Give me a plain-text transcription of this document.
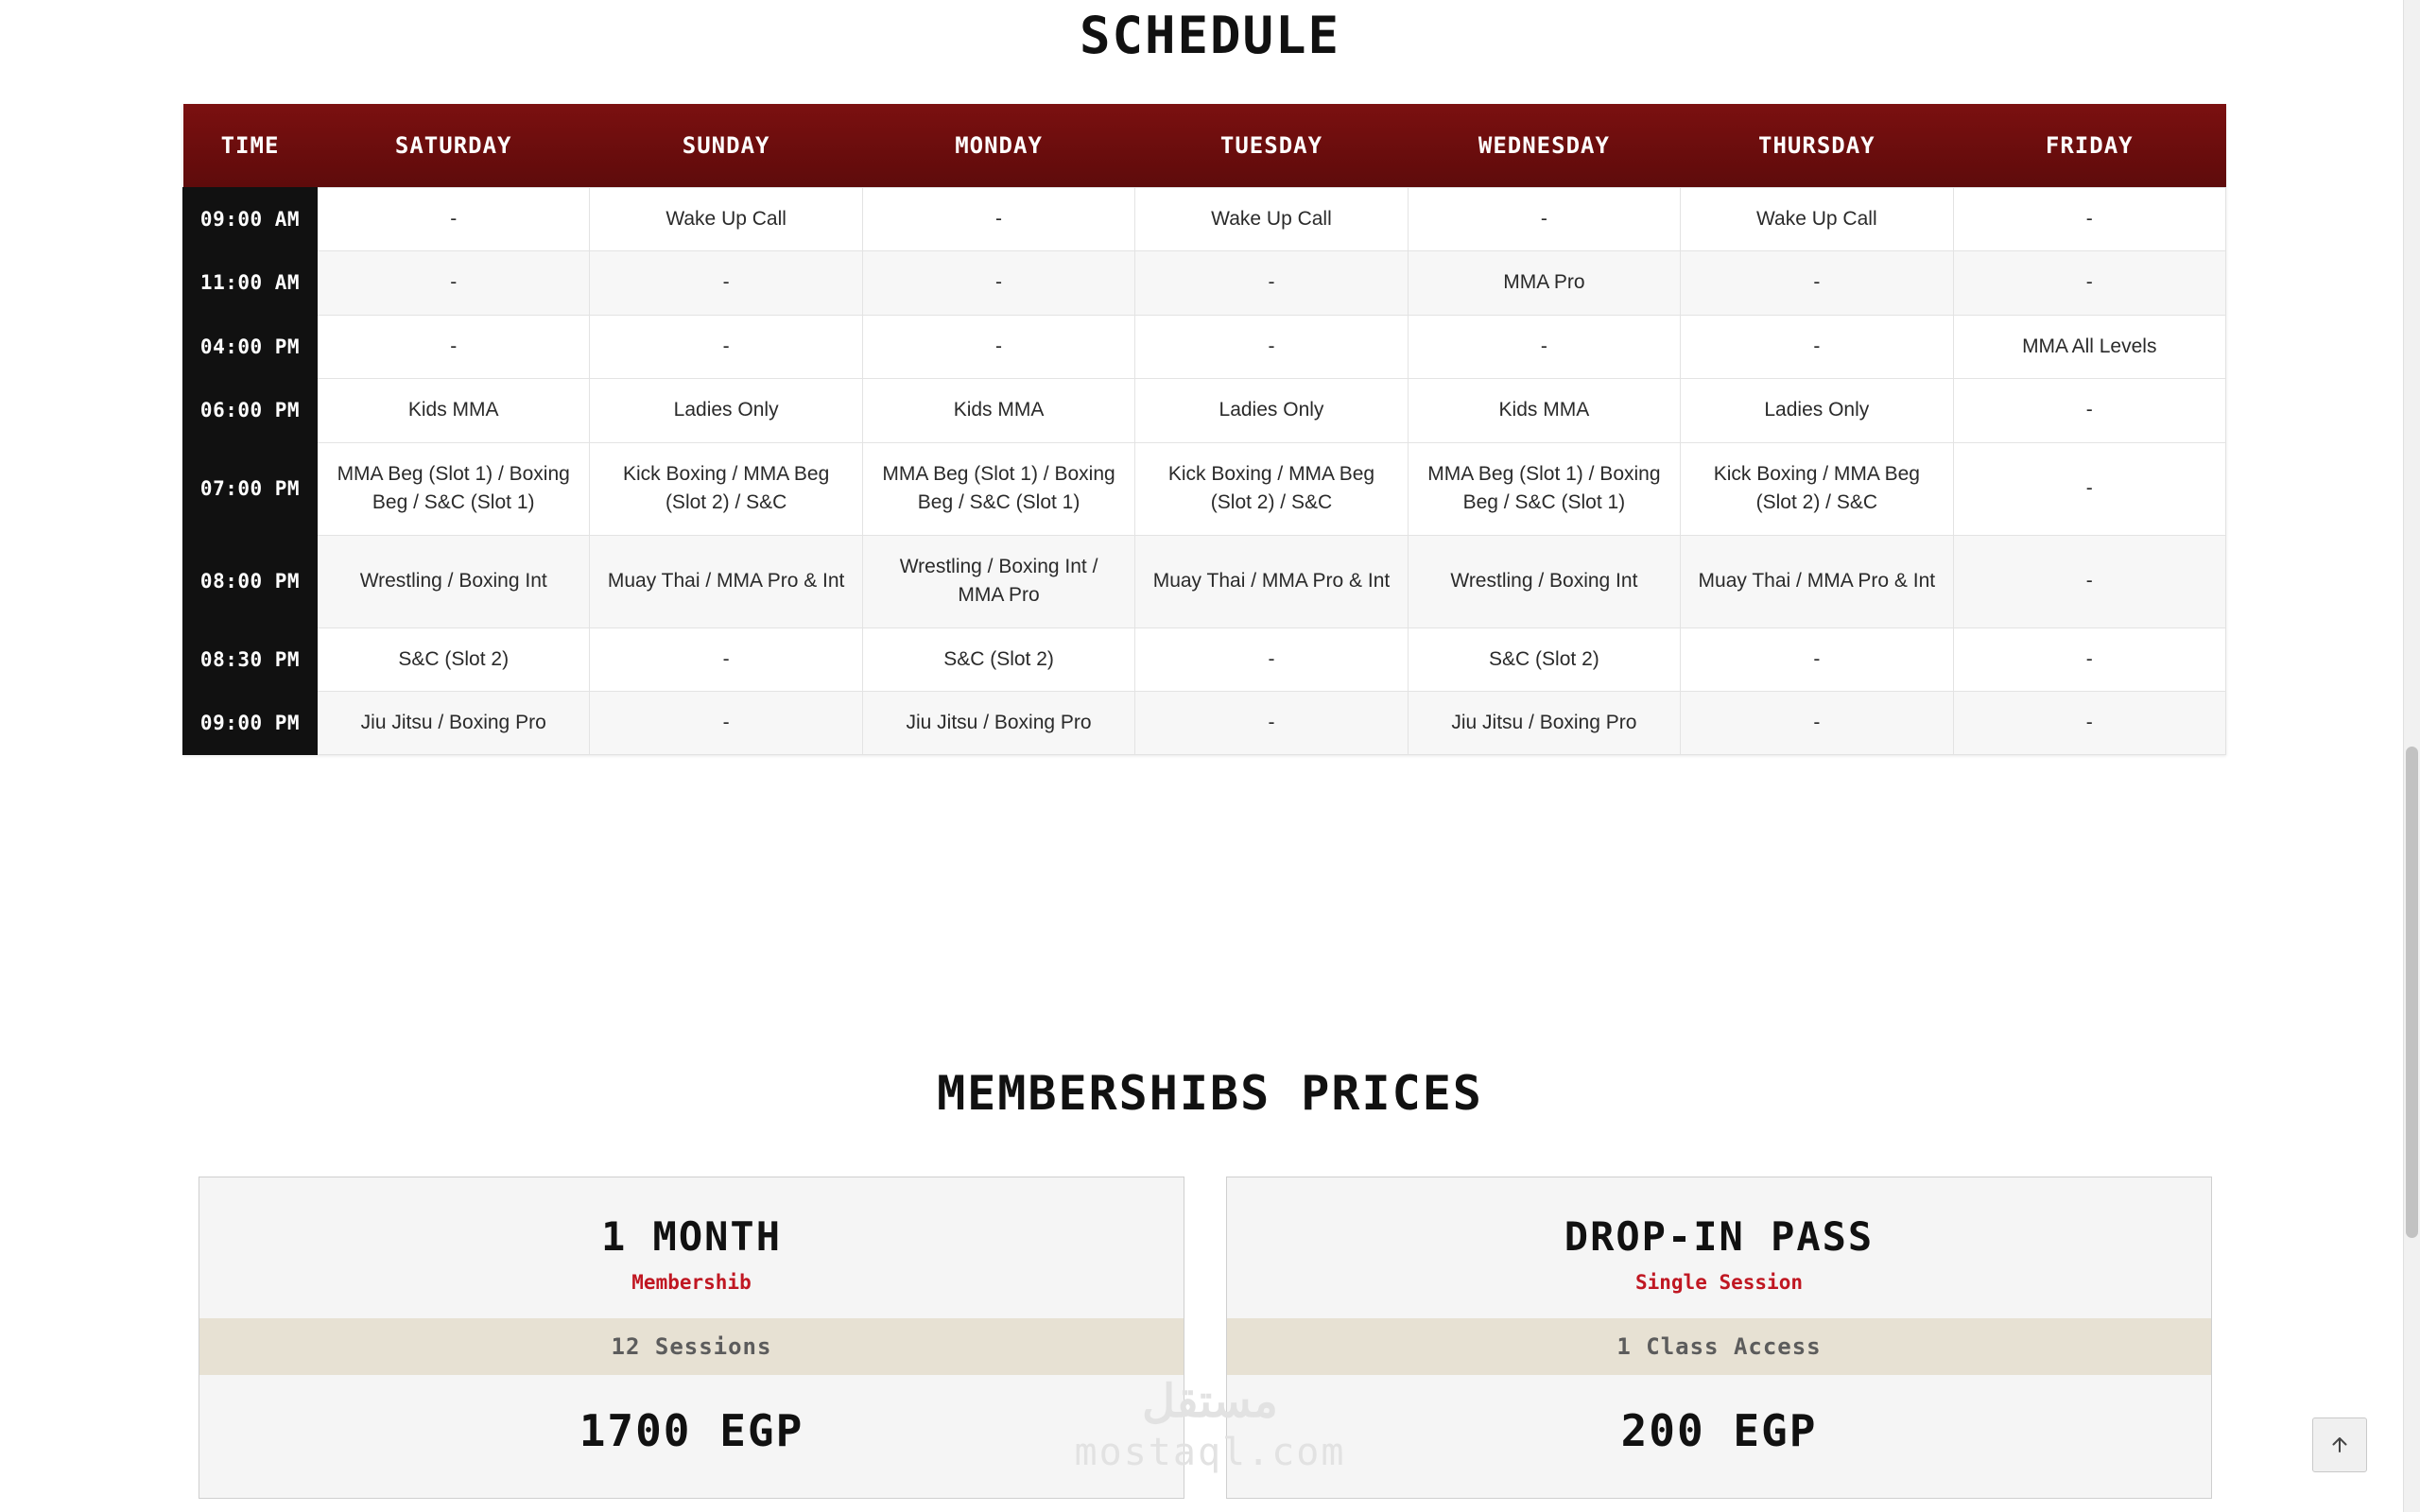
SCHEDULE
TIME	SATURDAY	SUNDAY	MONDAY	TUESDAY	WEDNESDAY	THURSDAY	FRIDAY
09:00 AM	-	Wake Up Call	-	Wake Up Call	-	Wake Up Call	-
11:00 AM	-	-	-	-	MMA Pro	-	-
04:00 PM	-	-	-	-	-	-	MMA All Levels
06:00 PM	Kids MMA	Ladies Only	Kids MMA	Ladies Only	Kids MMA	Ladies Only	-
07:00 PM	MMA Beg (Slot 1) / Boxing Beg / S&C (Slot 1)	Kick Boxing / MMA Beg (Slot 2) / S&C	MMA Beg (Slot 1) / Boxing Beg / S&C (Slot 1)	Kick Boxing / MMA Beg (Slot 2) / S&C	MMA Beg (Slot 1) / Boxing Beg / S&C (Slot 1)	Kick Boxing / MMA Beg (Slot 2) / S&C	-
08:00 PM	Wrestling / Boxing Int	Muay Thai / MMA Pro & Int	Wrestling / Boxing Int / MMA Pro	Muay Thai / MMA Pro & Int	Wrestling / Boxing Int	Muay Thai / MMA Pro & Int	-
08:30 PM	S&C (Slot 2)	-	S&C (Slot 2)	-	S&C (Slot 2)	-	-
09:00 PM	Jiu Jitsu / Boxing Pro	-	Jiu Jitsu / Boxing Pro	-	Jiu Jitsu / Boxing Pro	-	-
MEMBERSHIBS PRICES
1 MONTH
Membershib
12 Sessions
1700 EGP
DROP-IN PASS
Single Session
1 Class Access
200 EGP
مستقل
mostaql.com
